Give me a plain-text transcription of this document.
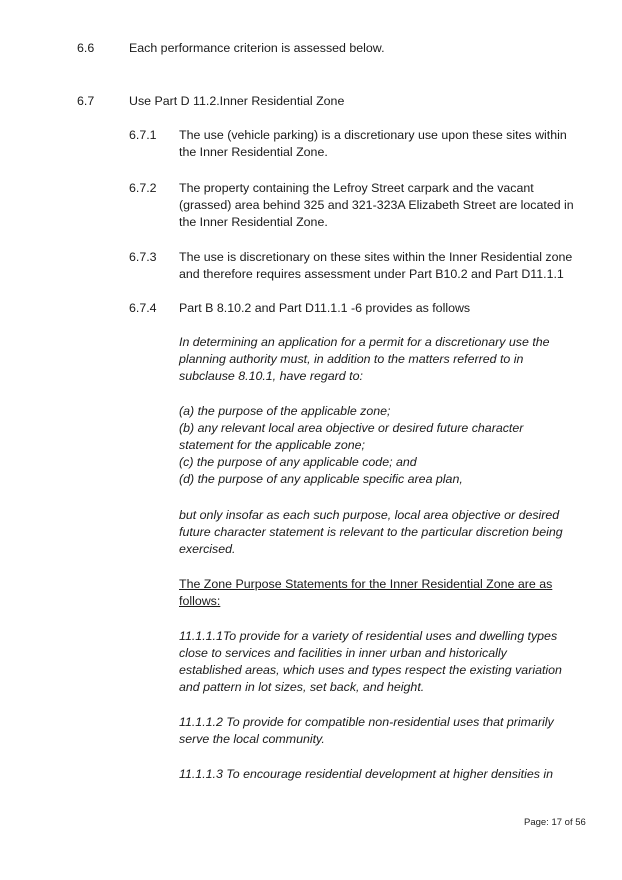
6.6	Each performance criterion is assessed below.
6.7	Use Part D 11.2.Inner Residential Zone
6.7.1 The use (vehicle parking) is a discretionary use upon these sites within
the Inner Residential Zone.
6.7.2 The property containing the Lefroy Street carpark and the vacant
(grassed) area behind 325 and 321-323A Elizabeth Street are located in
the Inner Residential Zone.
6.7.3 The use is discretionary on these sites within the Inner Residential zone
and therefore requires assessment under Part B10.2 and Part D11.1.1
6.7.4 Part B 8.10.2 and Part D11.1.1 -6 provides as follows
In determining an application for a permit for a discretionary use the
planning authority must, in addition to the matters referred to in
subclause 8.10.1, have regard to:
(a) the purpose of the applicable zone;
(b) any relevant local area objective or desired future character
statement for the applicable zone;
(c) the purpose of any applicable code; and
(d) the purpose of any applicable specific area plan,
but only insofar as each such purpose, local area objective or desired
future character statement is relevant to the particular discretion being
exercised.
The Zone Purpose Statements for the Inner Residential Zone are as
follows:
11.1.1.1To provide for a variety of residential uses and dwelling types
close to services and facilities in inner urban and historically
established areas, which uses and types respect the existing variation
and pattern in lot sizes, set back, and height.
11.1.1.2 To provide for compatible non-residential uses that primarily
serve the local community.
11.1.1.3 To encourage residential development at higher densities in
Page: 17 of 56
